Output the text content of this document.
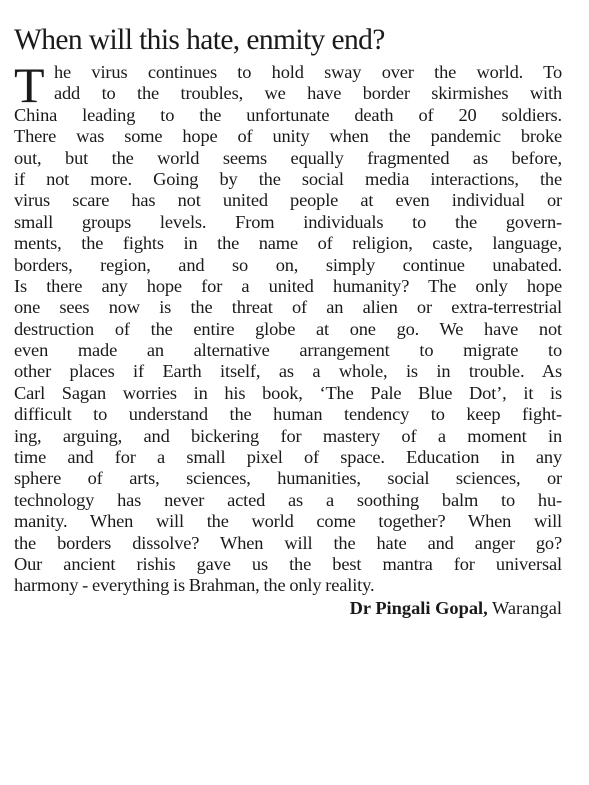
When will this hate, enmity end?
T he virus continues to hold sway over the world. To
add to the troubles, we have border skirmishes with
China leading to the unfortunate death of 20 soldiers.
There was some hope of unity when the pandemic broke
out, but the world seems equally fragmented as before,
if not more. Going by the social media interactions, the
virus scare has not united people at even individual or
small groups levels. From individuals to the govern-
ments, the fights in the name of religion, caste, language,
borders, region, and so on, simply continue unabated.
Is there any hope for a united humanity? The only hope
one sees now is the threat of an alien or extra-terrestrial
destruction of the entire globe at one go. We have not
even made an alternative arrangement to migrate to
other places if Earth itself, as a whole, is in trouble. As
Carl Sagan worries in his book, ‘The Pale Blue Dot’, it is
difficult to understand the human tendency to keep fight-
ing, arguing, and bickering for mastery of a moment in
time and for a small pixel of space. Education in any
sphere of arts, sciences, humanities, social sciences, or
technology has never acted as a soothing balm to hu-
manity. When will the world come together? When will
the borders dissolve? When will the hate and anger go?
Our ancient rishis gave us the best mantra for universal
harmony - everything is Brahman, the only reality.
Dr Pingali Gopal, Warangal
